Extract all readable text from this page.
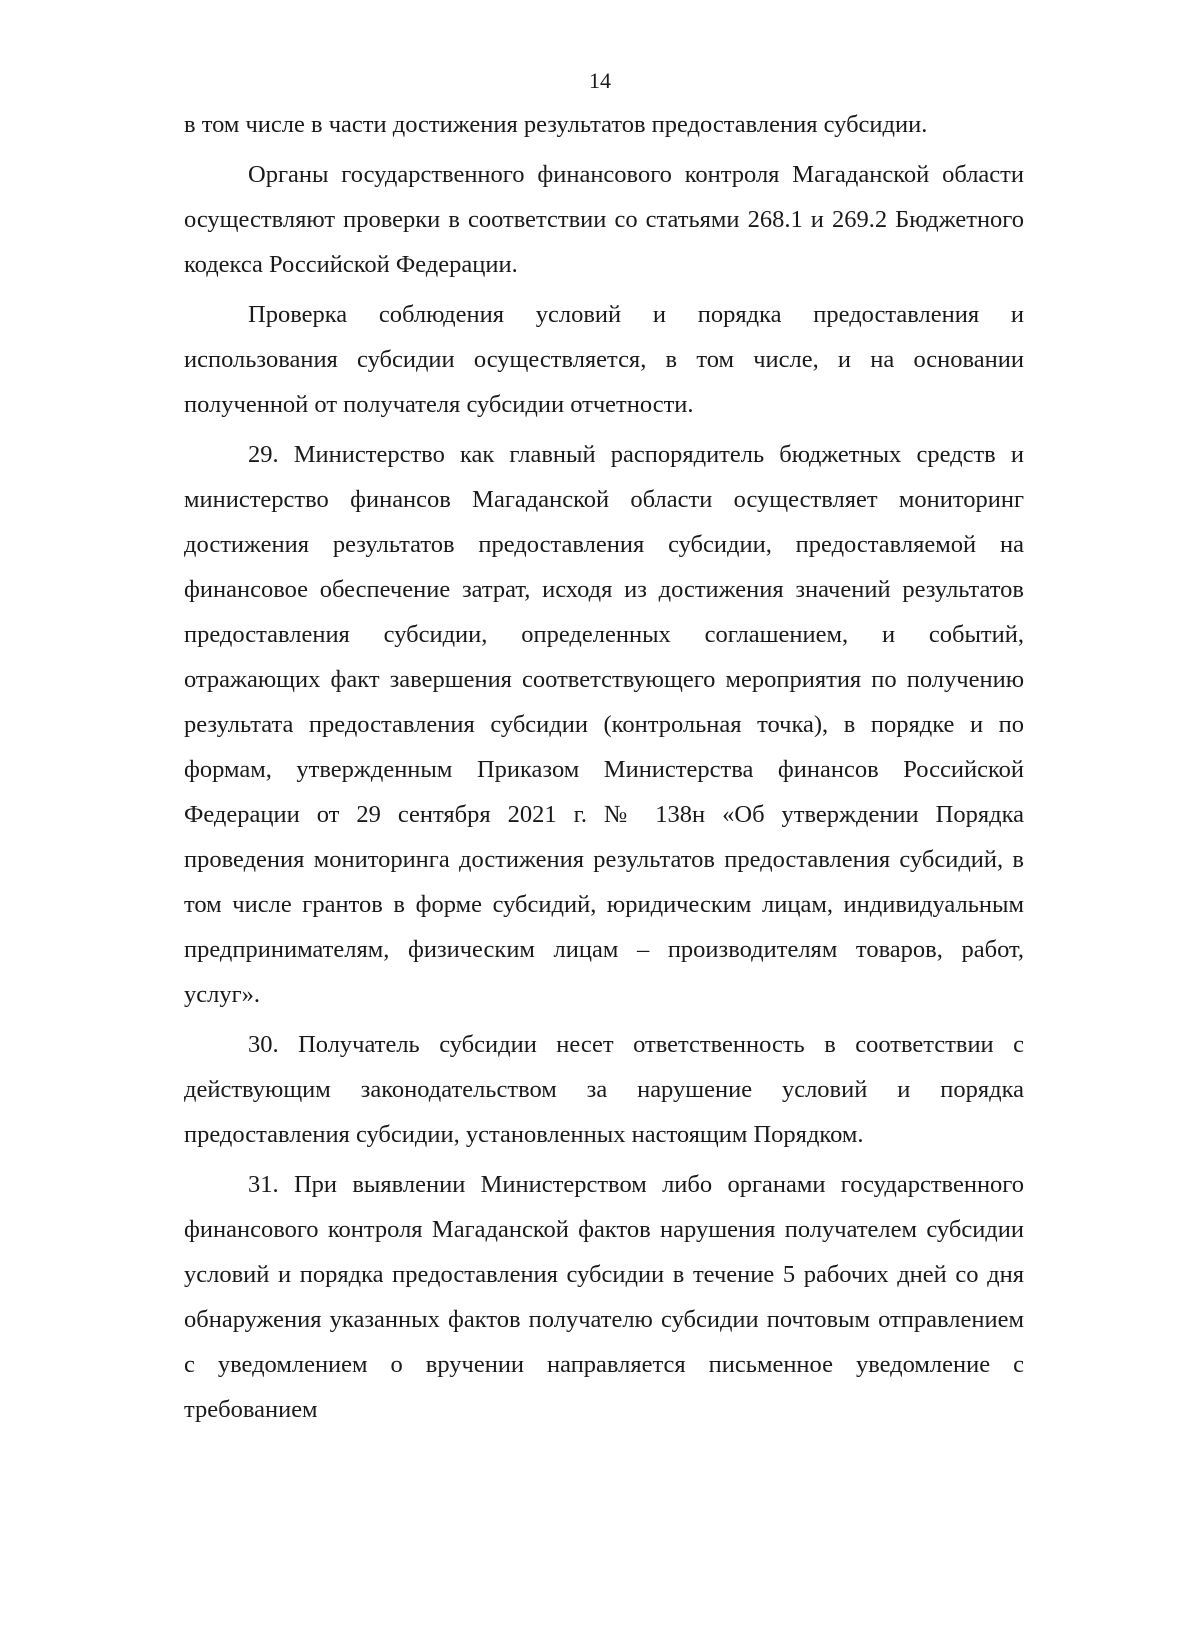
14

в том числе в части достижения результатов предоставления субсидии.

Органы государственного финансового контроля Магаданской области осуществляют проверки в соответствии со статьями 268.1 и 269.2 Бюджетного кодекса Российской Федерации.

Проверка соблюдения условий и порядка предоставления и использования субсидии осуществляется, в том числе, и на основании полученной от получателя субсидии отчетности.

29. Министерство как главный распорядитель бюджетных средств и министерство финансов Магаданской области осуществляет мониторинг достижения результатов предоставления субсидии, предоставляемой на финансовое обеспечение затрат, исходя из достижения значений результатов предоставления субсидии, определенных соглашением, и событий, отражающих факт завершения соответствующего мероприятия по получению результата предоставления субсидии (контрольная точка), в порядке и по формам, утвержденным Приказом Министерства финансов Российской Федерации от 29 сентября 2021 г. № 138н «Об утверждении Порядка проведения мониторинга достижения результатов предоставления субсидий, в том числе грантов в форме субсидий, юридическим лицам, индивидуальным предпринимателям, физическим лицам – производителям товаров, работ, услуг».

30. Получатель субсидии несет ответственность в соответствии с действующим законодательством за нарушение условий и порядка предоставления субсидии, установленных настоящим Порядком.

31. При выявлении Министерством либо органами государственного финансового контроля Магаданской фактов нарушения получателем субсидии условий и порядка предоставления субсидии в течение 5 рабочих дней со дня обнаружения указанных фактов получателю субсидии почтовым отправлением с уведомлением о вручении направляется письменное уведомление с требованием
